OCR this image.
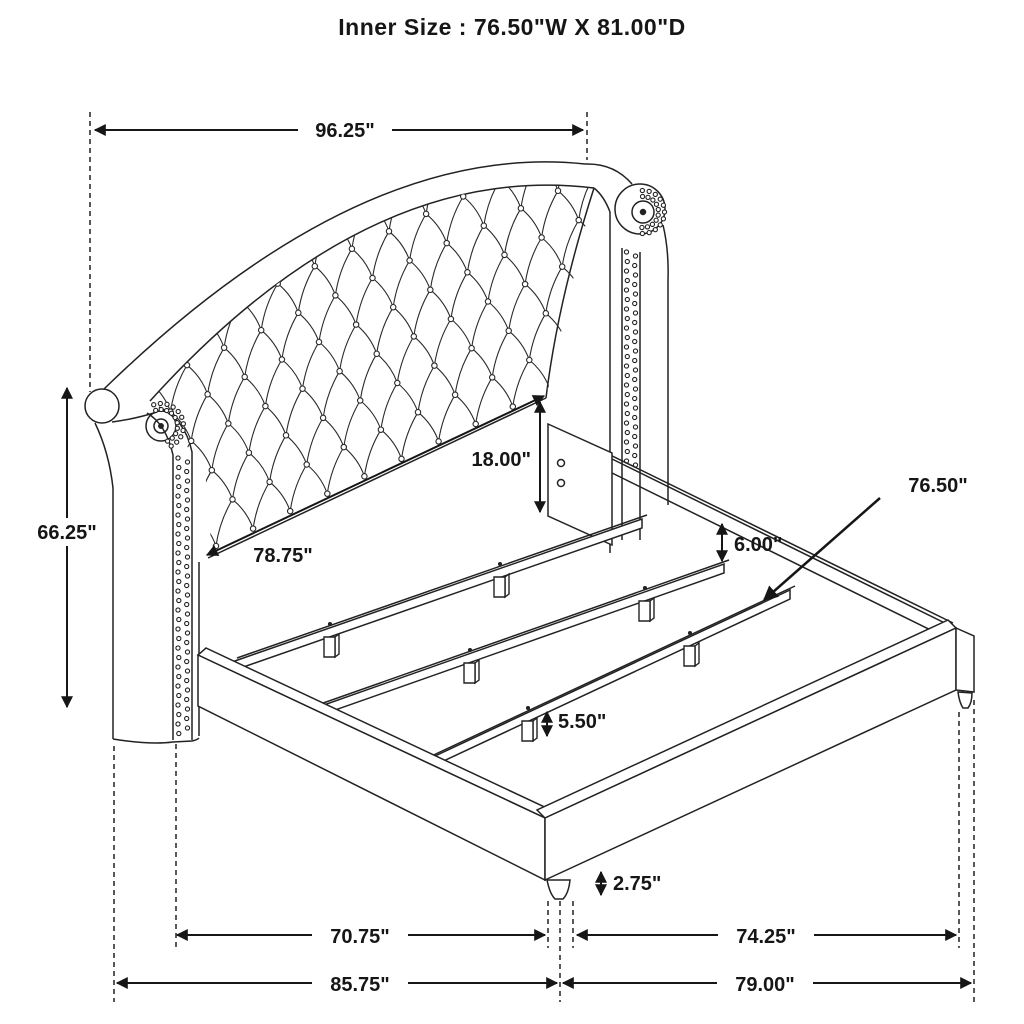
Inner Size : 76.50"W X 81.00"D
96.25"
66.25"
78.75"
18.00"
6.00"
76.50"
5.50"
2.75"
70.75"	74.25"
85.75"	79.00"
